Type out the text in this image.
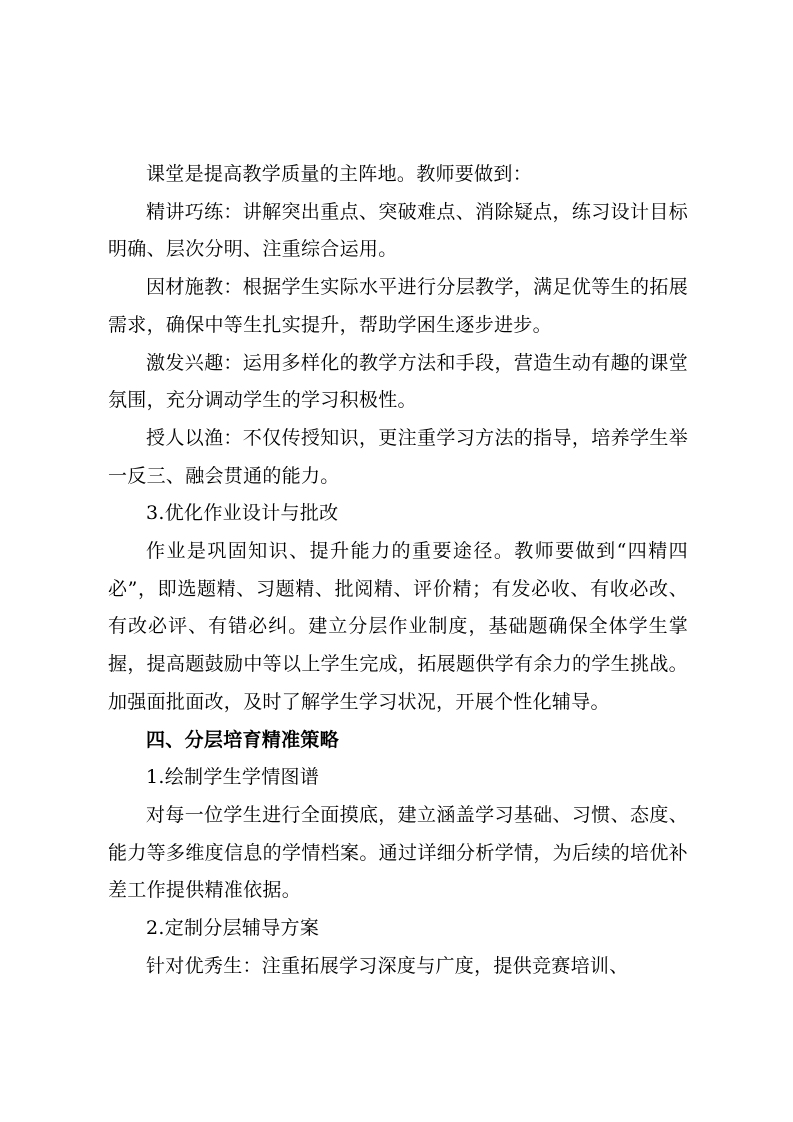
课堂是提高教学质量的主阵地。教师要做到：

精讲巧练：讲解突出重点、突破难点、消除疑点，练习设计目标明确、层次分明、注重综合运用。

因材施教：根据学生实际水平进行分层教学，满足优等生的拓展需求，确保中等生扎实提升，帮助学困生逐步进步。

激发兴趣：运用多样化的教学方法和手段，营造生动有趣的课堂氛围，充分调动学生的学习积极性。

授人以渔：不仅传授知识，更注重学习方法的指导，培养学生举一反三、融会贯通的能力。

3.优化作业设计与批改

作业是巩固知识、提升能力的重要途径。教师要做到“四精四必”，即选题精、习题精、批阅精、评价精；有发必收、有收必改、有改必评、有错必纠。建立分层作业制度，基础题确保全体学生掌握，提高题鼓励中等以上学生完成，拓展题供学有余力的学生挑战。加强面批面改，及时了解学生学习状况，开展个性化辅导。

四、分层培育精准策略

1.绘制学生学情图谱

对每一位学生进行全面摸底，建立涵盖学习基础、习惯、态度、能力等多维度信息的学情档案。通过详细分析学情，为后续的培优补差工作提供精准依据。

2.定制分层辅导方案

针对优秀生：注重拓展学习深度与广度，提供竞赛培训、
